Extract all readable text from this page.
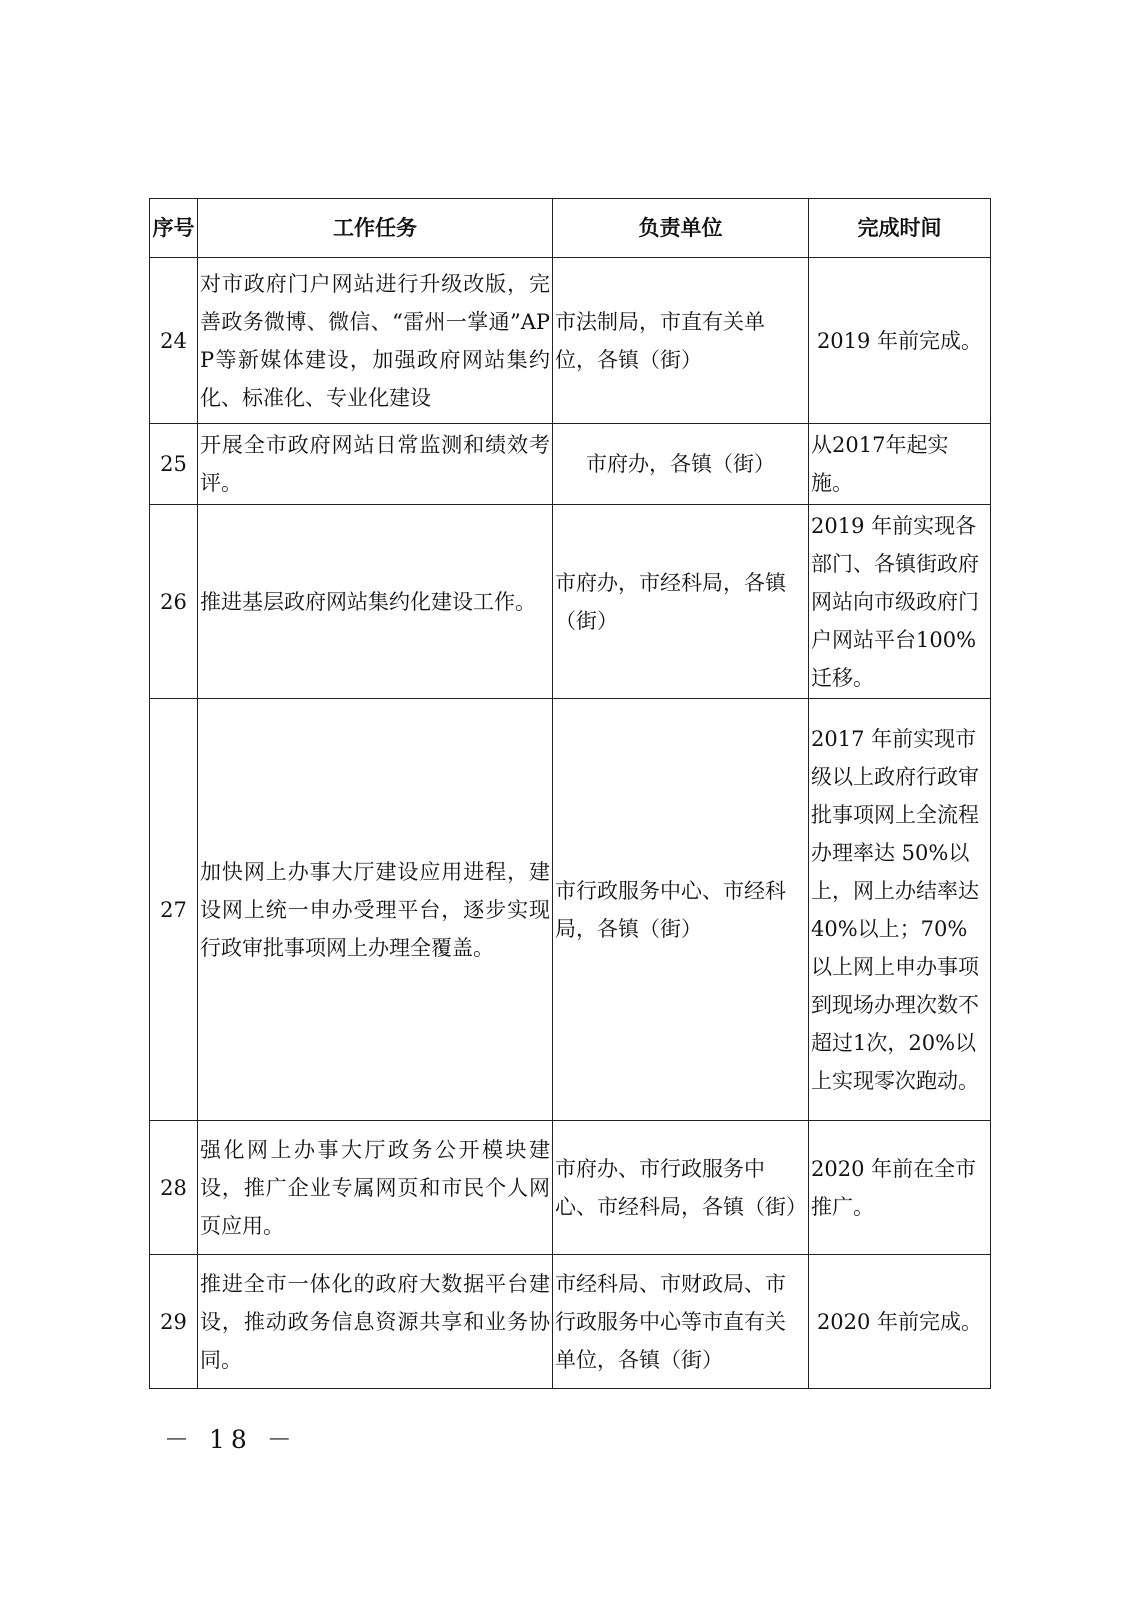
序号	工作任务	负责单位	完成时间
24	对市政府门户网站进行升级改版，完善政务微博、微信、“雷州一掌通”APP等新媒体建设，加强政府网站集约化、标准化、专业化建设	市法制局，市直有关单位，各镇（街）	2019 年前完成。
25	开展全市政府网站日常监测和绩效考评。	市府办，各镇（街）	从2017年起实施。
26	推进基层政府网站集约化建设工作。	市府办，市经科局，各镇（街）	2019 年前实现各部门、各镇街政府网站向市级政府门户网站平台100%迁移。
27	加快网上办事大厅建设应用进程，建设网上统一申办受理平台，逐步实现行政审批事项网上办理全覆盖。	市行政服务中心、市经科局，各镇（街）	2017 年前实现市级以上政府行政审批事项网上全流程办理率达 50%以上，网上办结率达 40%以上；70%以上网上申办事项到现场办理次数不超过1次，20%以上实现零次跑动。
28	强化网上办事大厅政务公开模块建设，推广企业专属网页和市民个人网页应用。	市府办、市行政服务中心、市经科局，各镇（街）	2020 年前在全市推广。
29	推进全市一体化的政府大数据平台建设，推动政务信息资源共享和业务协同。	市经科局、市财政局、市行政服务中心等市直有关单位，各镇（街）	2020 年前完成。
－ 18 －
